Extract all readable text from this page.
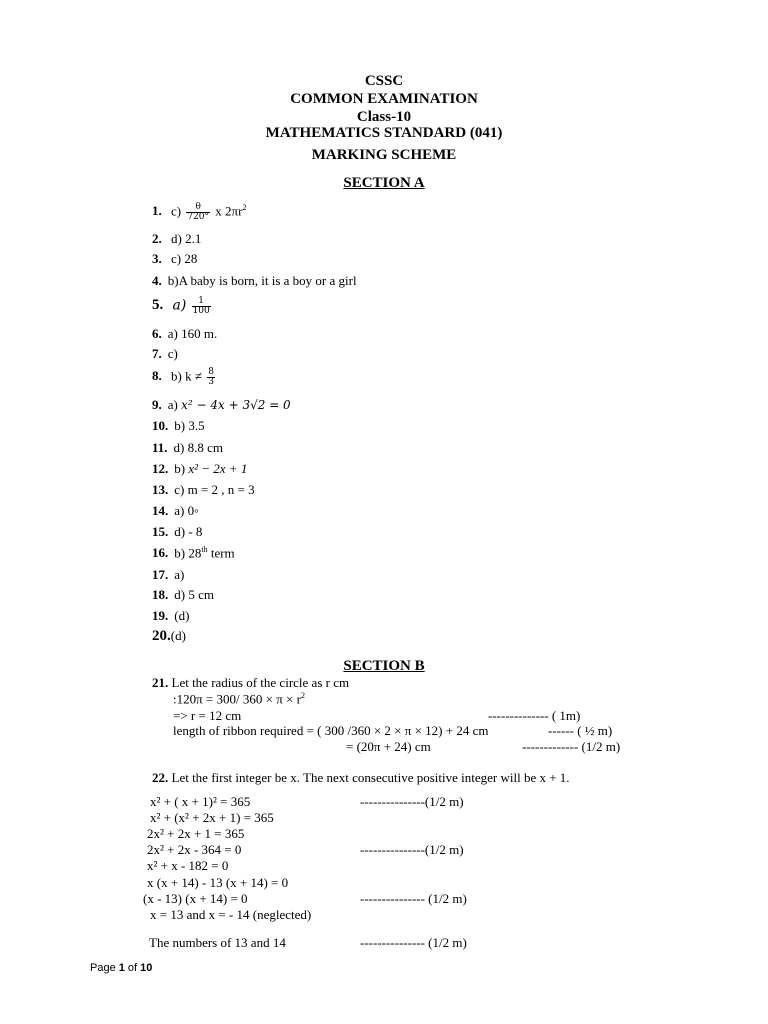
CSSC
COMMON EXAMINATION
Class-10
MATHEMATICS STANDARD (041)
MARKING SCHEME
SECTION A
1. $c) \frac{\theta}{720^\circ}$ x $2\pi r^2$
2. d) 2.1
3. c) 28
4. b)A baby is born, it is a boy or a girl
5. $a) \frac{1}{100}$
6. a) 160 m.
7. c)
8. b) $k \ne \frac{8}{3}$
9. a) x² − 4x + 3√2 = 0
10. b) 3.5
11. d) 8.8 cm
12. b) x² − 2x + 1
13. c) m = 2 , n = 3
14. a) 0◦
15. d) - 8
16. b) 28th term
17. a)
18. d) 5 cm
19. (d)
20.(d)
SECTION B
21. Let the radius of the circle as r cm
:120π = 300/ $360 \times \pi \times r^2$
=> r = 12 cm	-------------- ( 1m)
length of ribbon required = ( 300 /360 × 2 × π × 12) + 24 cm	------ ( ½ m)
= (20π + 24) cm	------------- (1/2 m)
22. Let the first integer be x. The next consecutive positive integer will be x + 1.
x² + ( x + 1)² = 365	---------------(1/2 m)
x² + (x² + 2x + 1) = 365
2x² + 2x + 1 = 365
2x² + 2x - 364 = 0	---------------(1/2 m)
x² + x - 182 = 0
x (x + 14) - 13 (x + 14) = 0
(x - 13) (x + 14) = 0	--------------- (1/2 m)
x = 13 and x = - 14 (neglected)
The numbers of 13 and 14	--------------- (1/2 m)
Page 1 of 10
